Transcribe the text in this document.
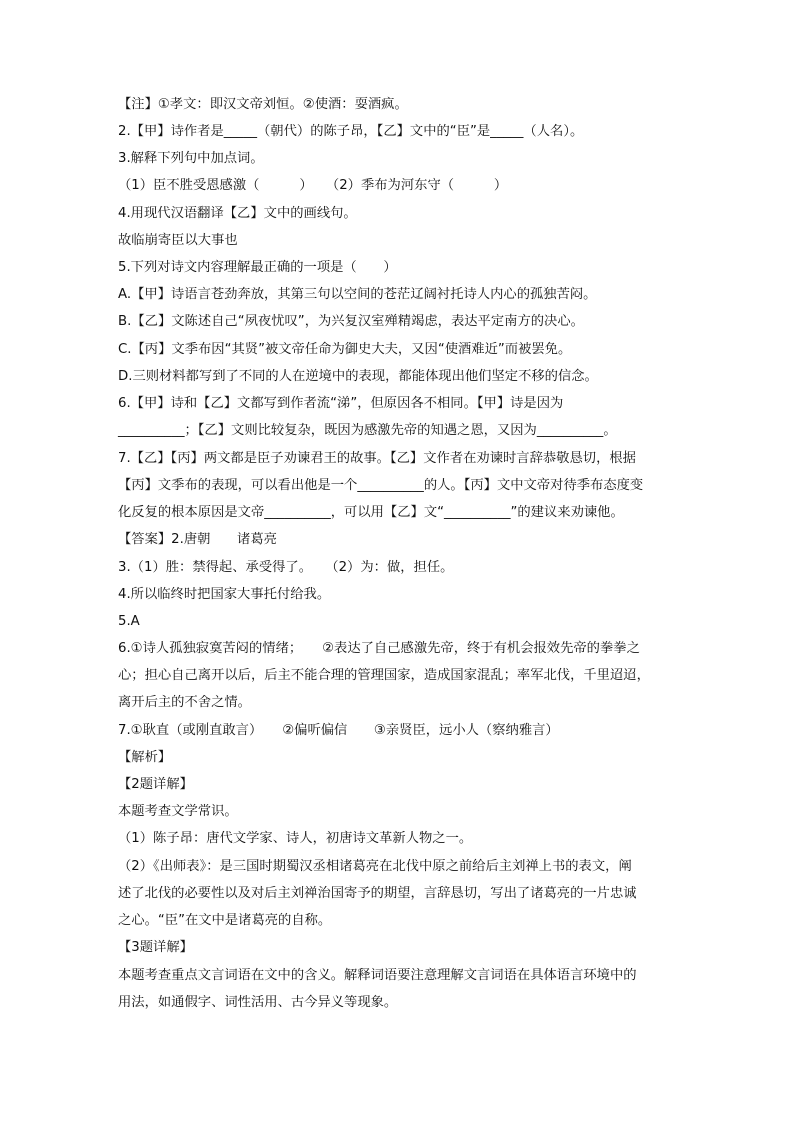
【注】①孝文：即汉文帝刘恒。②使酒：耍酒疯。
2.【甲】诗作者是_____（朝代）的陈子昂，【乙】文中的“臣”是_____（人名）。
3.解释下列句中加点词。
（1）臣不胜受恩感激（　　　）　　（2）季布为河东守（　　　）
4.用现代汉语翻译【乙】文中的画线句。
故临崩寄臣以大事也
5.下列对诗文内容理解最正确的一项是（　　）
A.【甲】诗语言苍劲奔放，其第三句以空间的苍茫辽阔衬托诗人内心的孤独苦闷。
B.【乙】文陈述自己“夙夜忧叹”，为兴复汉室殚精竭虑，表达平定南方的决心。
C.【丙】文季布因“其贤”被文帝任命为御史大夫，又因“使酒难近”而被罢免。
D.三则材料都写到了不同的人在逆境中的表现，都能体现出他们坚定不移的信念。
6.【甲】诗和【乙】文都写到作者流“涕”，但原因各不相同。【甲】诗是因为
__________；【乙】文则比较复杂，既因为感激先帝的知遇之恩，又因为__________。
7.【乙】【丙】两文都是臣子劝谏君王的故事。【乙】文作者在劝谏时言辞恭敬恳切，根据
【丙】文季布的表现，可以看出他是一个__________的人。【丙】文中文帝对待季布态度变
化反复的根本原因是文帝__________，可以用【乙】文“__________”的建议来劝谏他。
【答案】2.唐朝　　诸葛亮
3.（1）胜：禁得起、承受得了。　　（2）为：做，担任。
4.所以临终时把国家大事托付给我。
5.A
6.①诗人孤独寂寞苦闷的情绪；　　②表达了自己感激先帝，终于有机会报效先帝的拳拳之
心；担心自己离开以后，后主不能合理的管理国家，造成国家混乱；率军北伐，千里迢迢，
离开后主的不舍之情。
7.①耿直（或刚直敢言）　　②偏听偏信　　③亲贤臣，远小人（察纳雅言）
【解析】
【2题详解】
本题考查文学常识。
（1）陈子昂：唐代文学家、诗人，初唐诗文革新人物之一。
（2）《出师表》：是三国时期蜀汉丞相诸葛亮在北伐中原之前给后主刘禅上书的表文，阐
述了北伐的必要性以及对后主刘禅治国寄予的期望，言辞恳切，写出了诸葛亮的一片忠诚
之心。“臣”在文中是诸葛亮的自称。
【3题详解】
本题考查重点文言词语在文中的含义。解释词语要注意理解文言词语在具体语言环境中的
用法，如通假字、词性活用、古今异义等现象。
